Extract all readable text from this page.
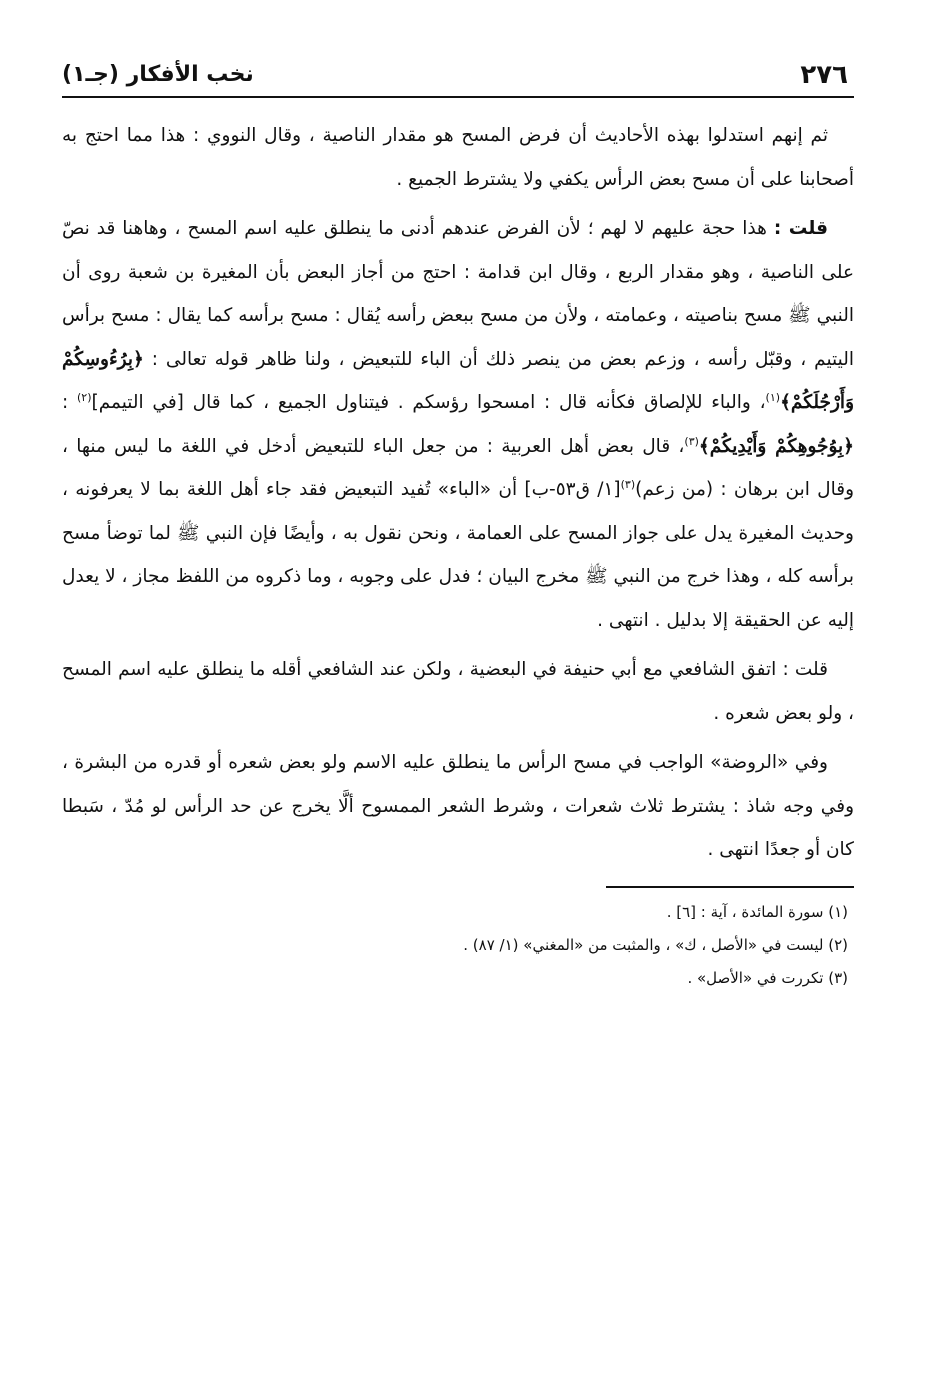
٢٧٦
نخب الأفكار (جـ١)

ثم إنهم استدلوا بهذه الأحاديث أن فرض المسح هو مقدار الناصية ، وقال النووي : هذا مما احتج به أصحابنا على أن مسح بعض الرأس يكفي ولا يشترط الجميع .

قلت : هذا حجة عليهم لا لهم ؛ لأن الفرض عندهم أدنى ما ينطلق عليه اسم المسح ، وهاهنا قد نصّ على الناصية ، وهو مقدار الربع ، وقال ابن قدامة : احتج من أجاز البعض بأن المغيرة بن شعبة روى أن النبي ﷺ مسح بناصيته ، وعمامته ، ولأن من مسح ببعض رأسه يُقال : مسح برأسه كما يقال : مسح برأس اليتيم ، وقبّل رأسه ، وزعم بعض من ينصر ذلك أن الباء للتبعيض ، ولنا ظاهر قوله تعالى : ﴿بِرُءُوسِكُمْ وَأَرْجُلَكُمْ﴾$^{(١)}$، والباء للإلصاق فكأنه قال : امسحوا رؤسكم . فيتناول الجميع ، كما قال [في التيمم]$^{(٢)}$ : ﴿بِوُجُوهِكُمْ وَأَيْدِيكُمْ﴾$^{(٣)}$، قال بعض أهل العربية : من جعل الباء للتبعيض أدخل في اللغة ما ليس منها ، وقال ابن برهان : (من زعم)$^{(٣)}$[١/ ق٥٣-ب] أن «الباء» تُفيد التبعيض فقد جاء أهل اللغة بما لا يعرفونه ، وحديث المغيرة يدل على جواز المسح على العمامة ، ونحن نقول به ، وأيضًا فإن النبي ﷺ لما توضأ مسح برأسه كله ، وهذا خرج من النبي ﷺ مخرج البيان ؛ فدل على وجوبه ، وما ذكروه من اللفظ مجاز ، لا يعدل إليه عن الحقيقة إلا بدليل . انتهى .

قلت : اتفق الشافعي مع أبي حنيفة في البعضية ، ولكن عند الشافعي أقله ما ينطلق عليه اسم المسح ، ولو بعض شعره .

وفي «الروضة» الواجب في مسح الرأس ما ينطلق عليه الاسم ولو بعض شعره أو قدره من البشرة ، وفي وجه شاذ : يشترط ثلاث شعرات ، وشرط الشعر الممسوح ألَّا يخرج عن حد الرأس لو مُدّ ، سَبطا كان أو جعدًا انتهى .

(١) سورة المائدة ، آية : [٦] .
(٢) ليست في «الأصل ، ك» ، والمثبت من «المغني» (١/ ٨٧) .
(٣) تكررت في «الأصل» .
